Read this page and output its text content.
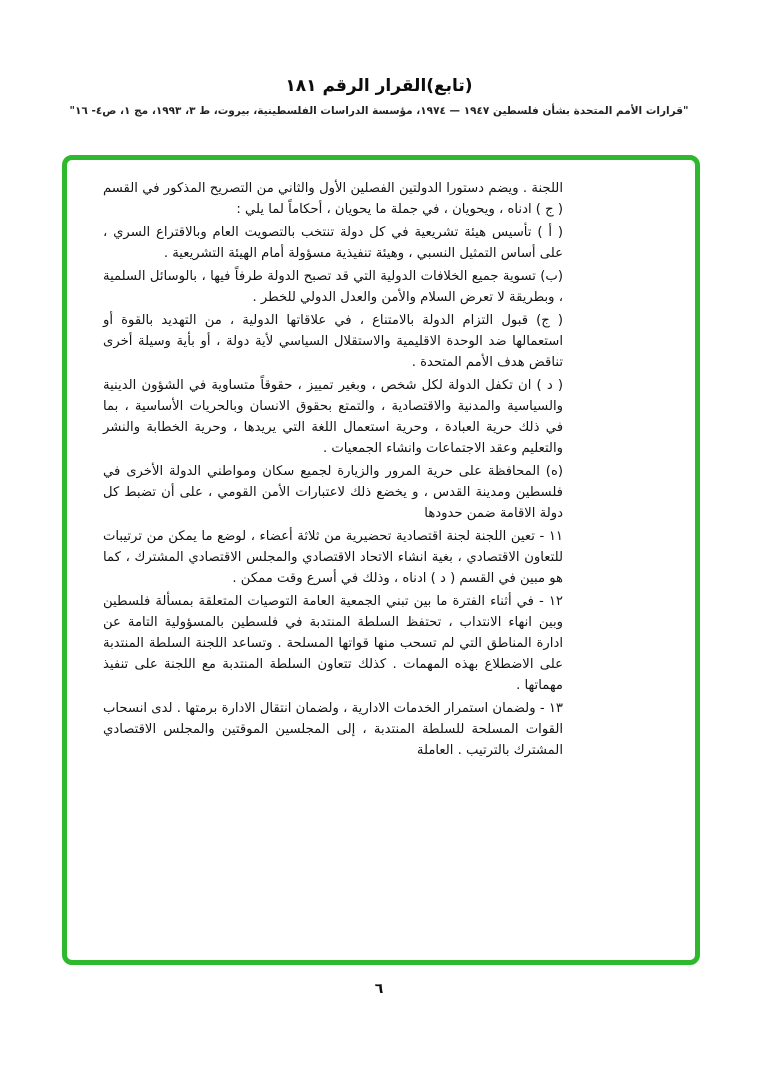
(تابع)القرار الرقم ١٨١
"قرارات الأمم المتحدة بشأن فلسطين ١٩٤٧ — ١٩٧٤، مؤسسة الدراسات الفلسطينية، بيروت، ط ٣، ١٩٩٣، مج ١، ص٤- ١٦"
اللجنة . ويضم دستورا الدولتين الفصلين الأول والثاني من التصريح المذكور في القسم ( ج ) ادناه ، ويحويان ، في جملة ما يحويان ، أحكاماً لما يلي :
( أ ) تأسيس هيئة تشريعية في كل دولة تنتخب بالتصويت العام وبالاقتراع السري ، على أساس التمثيل النسبي ، وهيئة تنفيذية مسؤولة أمام الهيئة التشريعية .
(ب) تسوية جميع الخلافات الدولية التي قد تصبح الدولة طرفاً فيها ، بالوسائل السلمية ، وبطريقة لا تعرض السلام والأمن والعدل الدولي للخطر .
( ج) قبول التزام الدولة بالامتناع ، في علاقاتها الدولية ، من التهديد بالقوة أو استعمالها ضد الوحدة الاقليمية والاستقلال السياسي لأية دولة ، أو بأية وسيلة أخرى تناقض هدف الأمم المتحدة .
( د ) ان تكفل الدولة لكل شخص ، وبغير تمييز ، حقوقاً متساوية في الشؤون الدينية والسياسية والمدنية والاقتصادية ، والتمتع بحقوق الانسان وبالحريات الأساسية ، بما في ذلك حرية العبادة ، وحرية استعمال اللغة التي يريدها ، وحرية الخطابة والنشر والتعليم وعقد الاجتماعات وانشاء الجمعيات .
(ه) المحافظة على حرية المرور والزيارة لجميع سكان ومواطني الدولة الأخرى في فلسطين ومدينة القدس ، و يخضع ذلك لاعتبارات الأمن القومي ، على أن تضبط كل دولة الاقامة ضمن حدودها
١١ - تعين اللجنة لجنة اقتصادية تحضيرية من ثلاثة أعضاء ، لوضع ما يمكن من ترتيبات للتعاون الاقتصادي ، بغية انشاء الاتحاد الاقتصادي والمجلس الاقتصادي المشترك ، كما هو مبين في القسم ( د ) ادناه ، وذلك في أسرع وقت ممكن .
١٢ - في أثناء الفترة ما بين تبني الجمعية العامة التوصيات المتعلقة بمسألة فلسطين وبين انهاء الانتداب ، تحتفظ السلطة المنتدبة في فلسطين بالمسؤولية التامة عن ادارة المناطق التي لم تسحب منها قواتها المسلحة . وتساعد اللجنة السلطة المنتدبة على الاضطلاع بهذه المهمات . كذلك تتعاون السلطة المنتدبة مع اللجنة على تنفيذ مهماتها .
١٣ - ولضمان استمرار الخدمات الادارية ، ولضمان انتقال الادارة برمتها . لدى انسحاب القوات المسلحة للسلطة المنتدبة ، إلى المجلسين الموقتين والمجلس الاقتصادي المشترك بالترتيب . العاملة
٦
